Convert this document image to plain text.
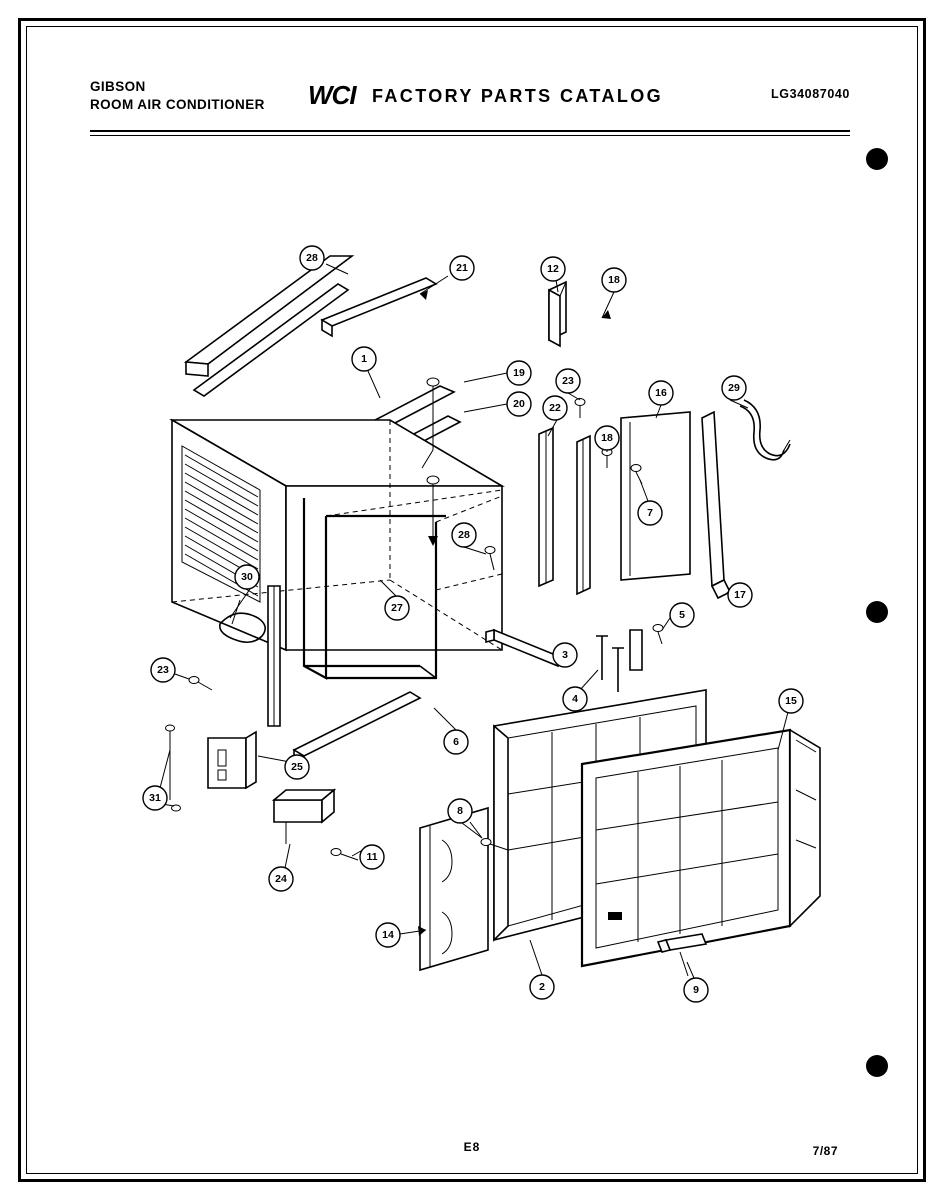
GIBSON
ROOM AIR CONDITIONER WCI FACTORY PARTS CATALOG	LG34087040
28
21	12
18
1
19
23
16	29
20 22
18
7
28
30
27
17
5
23
3
4	15
6
25
31
8
11
24
14
2	9
E8	7/87
